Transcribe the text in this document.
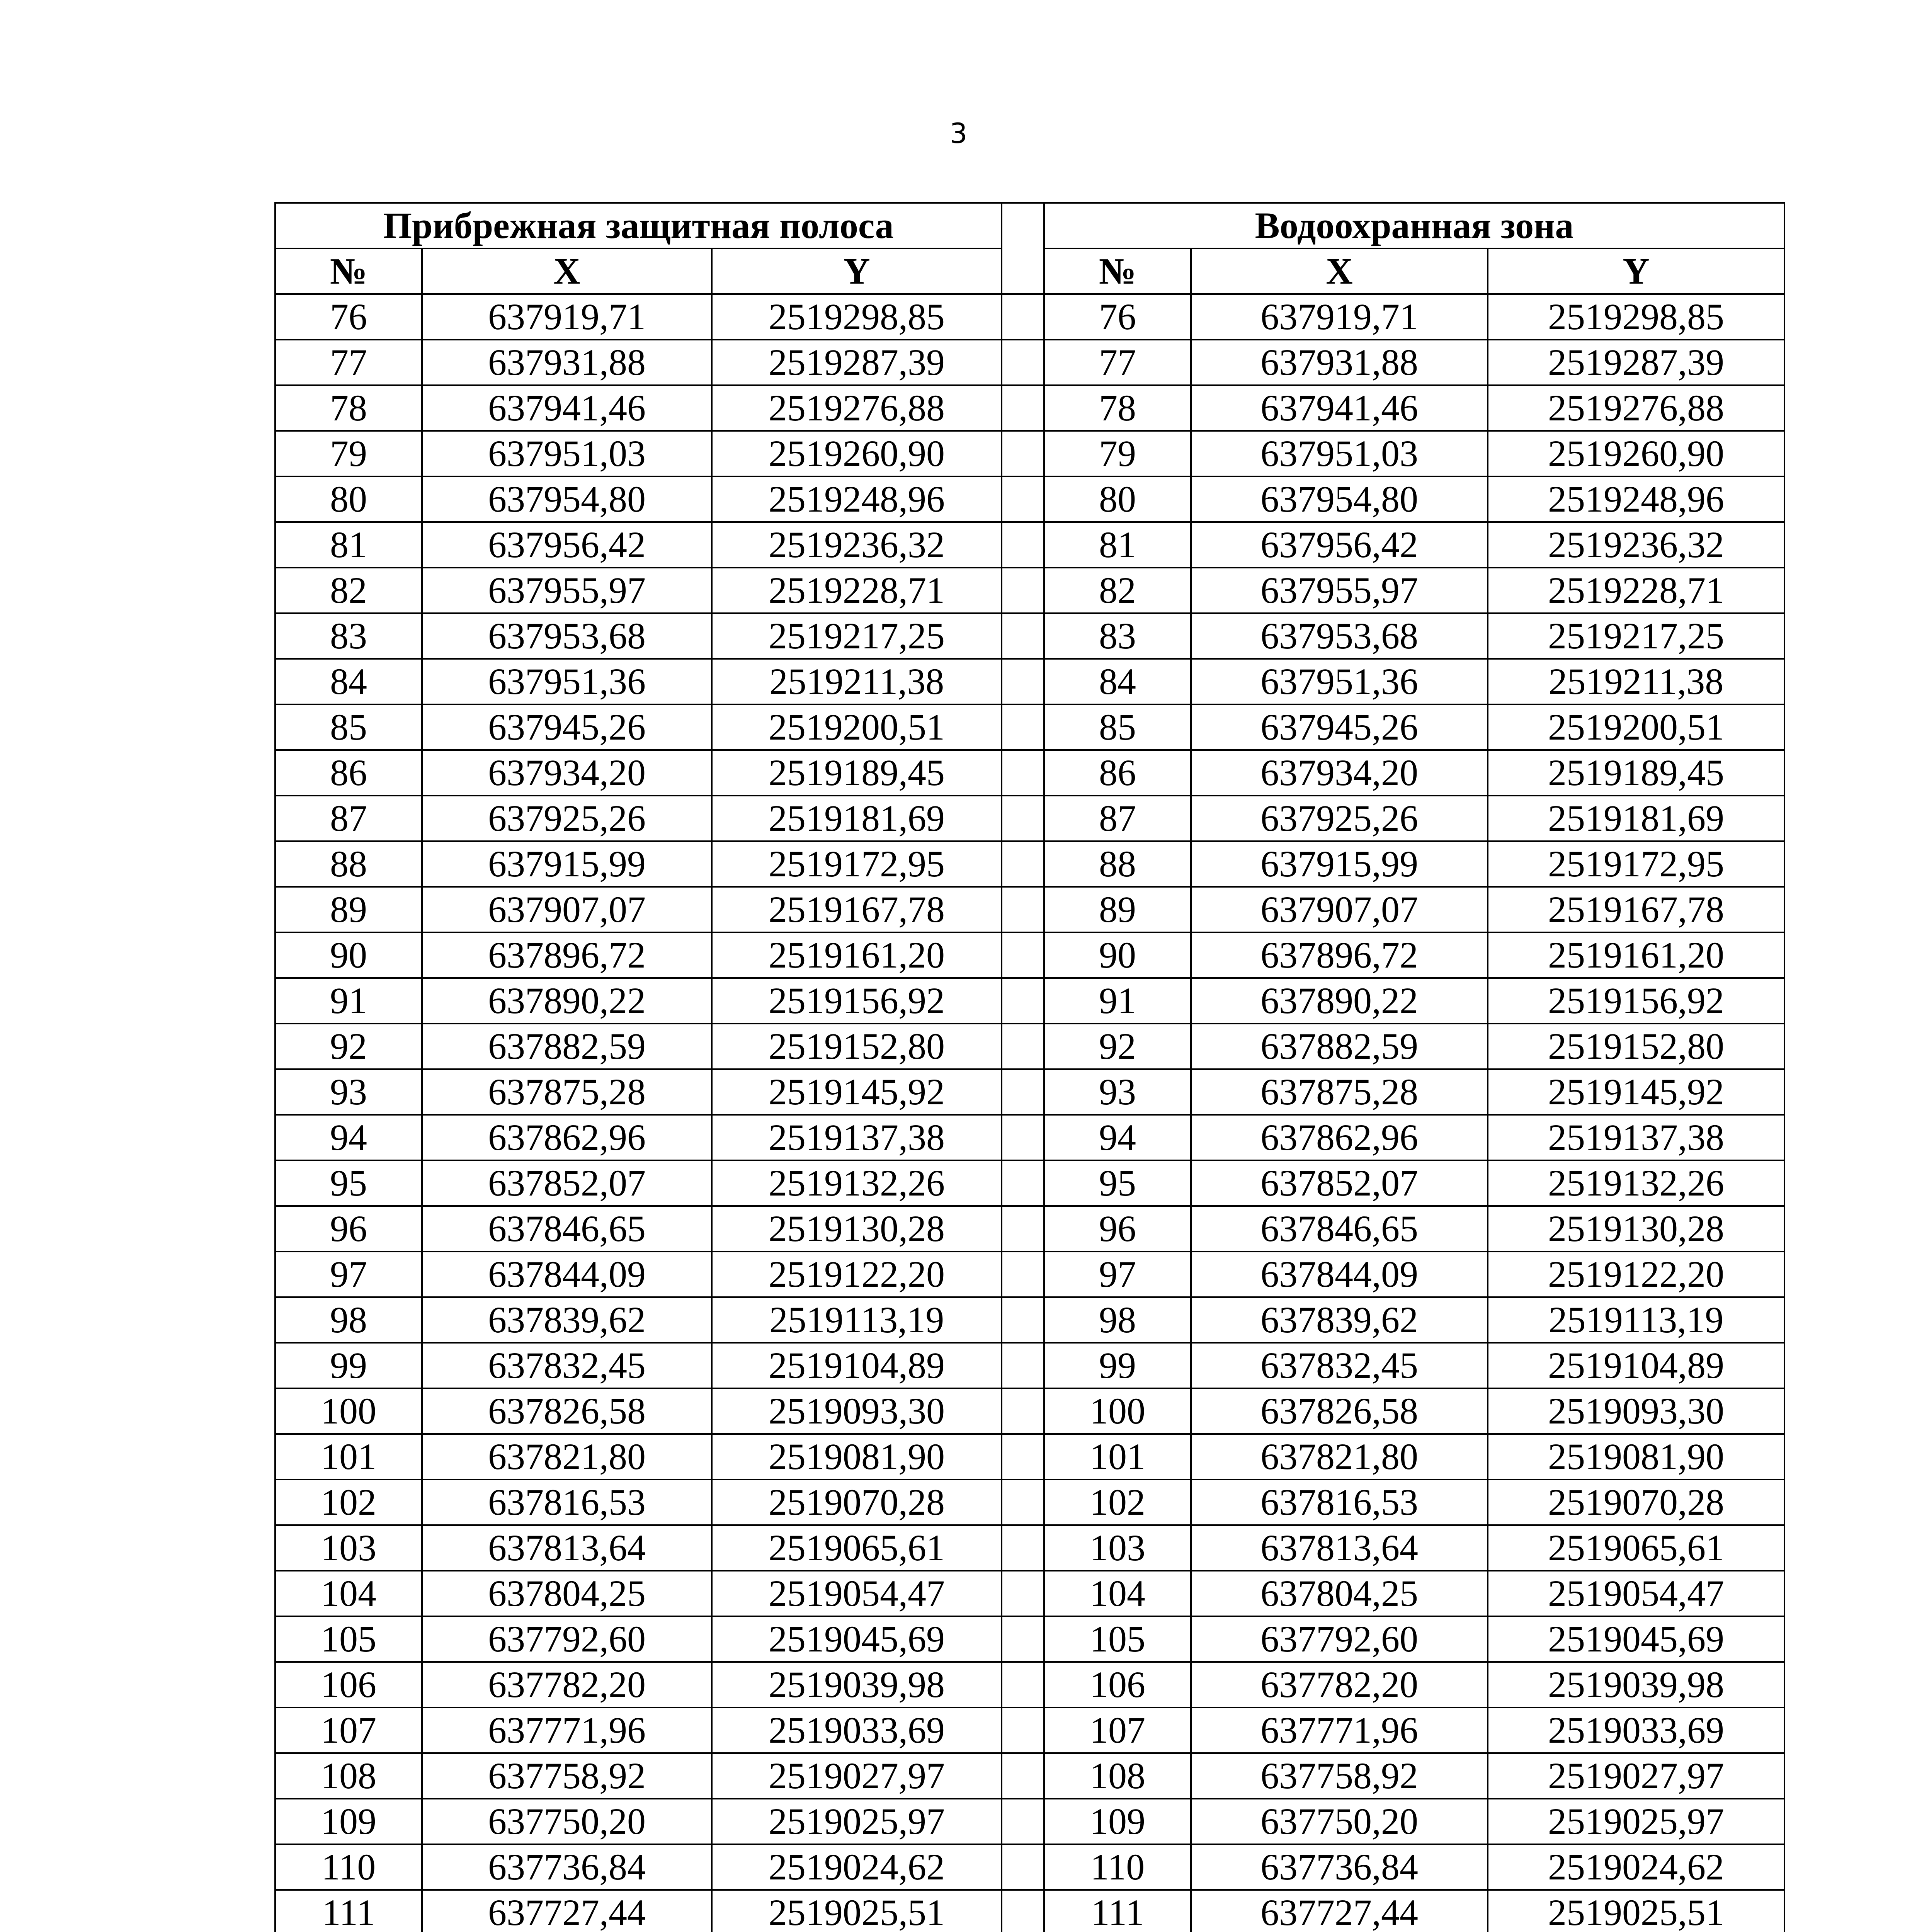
3
Прибрежная защитная полоса				Водоохранная зона		
№	X	Y		№	X	Y
76	637919,71	2519298,85		76	637919,71	2519298,85
77	637931,88	2519287,39		77	637931,88	2519287,39
78	637941,46	2519276,88		78	637941,46	2519276,88
79	637951,03	2519260,90		79	637951,03	2519260,90
80	637954,80	2519248,96		80	637954,80	2519248,96
81	637956,42	2519236,32		81	637956,42	2519236,32
82	637955,97	2519228,71		82	637955,97	2519228,71
83	637953,68	2519217,25		83	637953,68	2519217,25
84	637951,36	2519211,38		84	637951,36	2519211,38
85	637945,26	2519200,51		85	637945,26	2519200,51
86	637934,20	2519189,45		86	637934,20	2519189,45
87	637925,26	2519181,69		87	637925,26	2519181,69
88	637915,99	2519172,95		88	637915,99	2519172,95
89	637907,07	2519167,78		89	637907,07	2519167,78
90	637896,72	2519161,20		90	637896,72	2519161,20
91	637890,22	2519156,92		91	637890,22	2519156,92
92	637882,59	2519152,80		92	637882,59	2519152,80
93	637875,28	2519145,92		93	637875,28	2519145,92
94	637862,96	2519137,38		94	637862,96	2519137,38
95	637852,07	2519132,26		95	637852,07	2519132,26
96	637846,65	2519130,28		96	637846,65	2519130,28
97	637844,09	2519122,20		97	637844,09	2519122,20
98	637839,62	2519113,19		98	637839,62	2519113,19
99	637832,45	2519104,89		99	637832,45	2519104,89
100	637826,58	2519093,30		100	637826,58	2519093,30
101	637821,80	2519081,90		101	637821,80	2519081,90
102	637816,53	2519070,28		102	637816,53	2519070,28
103	637813,64	2519065,61		103	637813,64	2519065,61
104	637804,25	2519054,47		104	637804,25	2519054,47
105	637792,60	2519045,69		105	637792,60	2519045,69
106	637782,20	2519039,98		106	637782,20	2519039,98
107	637771,96	2519033,69		107	637771,96	2519033,69
108	637758,92	2519027,97		108	637758,92	2519027,97
109	637750,20	2519025,97		109	637750,20	2519025,97
110	637736,84	2519024,62		110	637736,84	2519024,62
111	637727,44	2519025,51		111	637727,44	2519025,51
